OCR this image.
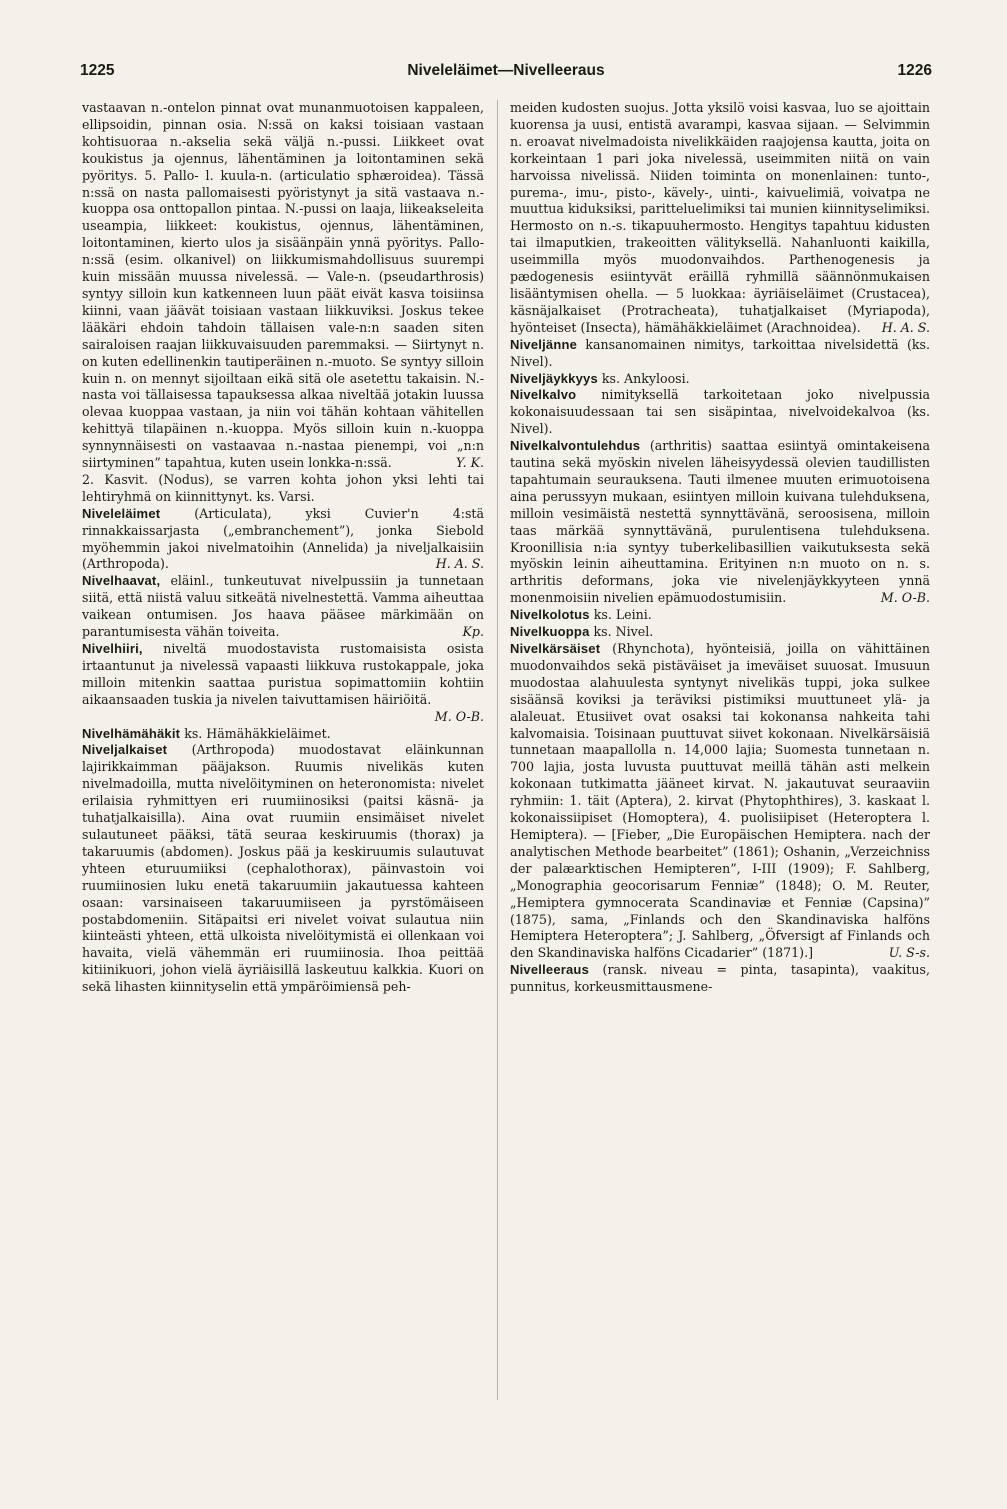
1225	Niveleläimet—Nivelleeraus	1226

vastaavan n.-ontelon pinnat ovat munanmuotoisen kappaleen, ellipsoidin, pinnan osia. N:ssä on kaksi toisiaan vastaan kohtisuoraa n.-akselia sekä väljä n.-pussi. Liikkeet ovat koukistus ja ojennus, lähentäminen ja loitontaminen sekä pyöritys. 5. Pallo- l. kuula-n. (articulatio sphæroidea). Tässä n:ssä on nasta pallomaisesti pyöristynyt ja sitä vastaava n.-kuoppa osa onttopallon pintaa. N.-pussi on laaja, liikeakseleita useampia, liikkeet: koukistus, ojennus, lähentäminen, loitontaminen, kierto ulos ja sisäänpäin ynnä pyöritys. Pallo-n:ssä (esim. olkanivel) on liikkumismahdollisuus suurempi kuin missään muussa nivelessä. — Vale-n. (pseudarthrosis) syntyy silloin kun katkenneen luun päät eivät kasva toisiinsa kiinni, vaan jäävät toisiaan vastaan liikkuviksi. Joskus tekee lääkäri ehdoin tahdoin tällaisen vale-n:n saaden siten sairaloisen raajan liikkuvaisuuden paremmaksi. — Siirtynyt n. on kuten edellinenkin tautiperäinen n.-muoto. Se syntyy silloin kuin n. on mennyt sijoiltaan eikä sitä ole asetettu takaisin. N.-nasta voi tällaisessa tapauksessa alkaa niveltää jotakin luussa olevaa kuoppaa vastaan, ja niin voi tähän kohtaan vähitellen kehittyä tilapäinen n.-kuoppa. Myös silloin kuin n.-kuoppa synnynnäisesti on vastaavaa n.-nastaa pienempi, voi „n:n siirtyminen” tapahtua, kuten usein lonkka-n:ssä.	Y. K.

2. Kasvit. (Nodus), se varren kohta johon yksi lehti tai lehtiryhmä on kiinnittynyt. ks. Varsi.

Niveleläimet	(Articulata), yksi Cuvier'n 4:stä rinnakkaissarjasta („embranchement”), jonka Siebold myöhemmin jakoi nivelmatoihin (Annelida) ja niveljalkaisiin (Arthropoda).	H. A. S.

Nivelhaavat, eläinl., tunkeutuvat nivelpussiin ja tunnetaan siitä, että niistä valuu sitkeätä nivelnestettä. Vamma aiheuttaa vaikean ontumisen. Jos haava pääsee märkimään on parantumisesta vähän toiveita.	Kp.

Nivelhiiri, niveltä muodostavista rustomaisista osista irtaantunut ja nivelessä vapaasti liikkuva rustokappale, joka milloin mitenkin saattaa puristua sopimattomiin kohtiin aikaansaaden tuskia ja nivelen taivuttamisen häiriöitä.
M. O-B.

Nivelhämähäkit ks. Hämähäkkieläimet.

Niveljalkaiset (Arthropoda) muodostavat eläinkunnan lajirikkaimman pääjakson. Ruumis nivelikäs kuten nivelmadoilla, mutta nivelöityminen on heteronomista: nivelet erilaisia ryhmittyen eri ruumiinosiksi (paitsi käsnä- ja tuhatjalkaisilla). Aina ovat ruumiin ensimäiset nivelet sulautuneet pääksi, tätä seuraa keskiruumis (thorax) ja takaruumis (abdomen). Joskus pää ja keskiruumis sulautuvat yhteen eturuumiiksi (cephalothorax), päinvastoin voi ruumiinosien luku enetä takaruumiin jakautuessa kahteen osaan: varsinaiseen takaruumiiseen ja pyrstömäiseen postabdomeniin. Sitäpaitsi eri nivelet voivat sulautua niin kiinteästi yhteen, että ulkoista nivelöitymistä ei ollenkaan voi havaita, vielä vähemmän eri ruumiinosia. Ihoa peittää kitiinikuori, johon vielä äyriäisillä laskeutuu kalkkia. Kuori on sekä lihasten kiinnityselin että ympäröimiensä peh-

meiden kudosten suojus. Jotta yksilö voisi kasvaa, luo se ajoittain kuorensa ja uusi, entistä avarampi, kasvaa sijaan. — Selvimmin n. eroavat nivelmadoista nivelikkäiden raajojensa kautta, joita on korkeintaan 1 pari joka nivelessä, useimmiten niitä on vain harvoissa nivelissä. Niiden toiminta on monenlainen: tunto-, purema-, imu-, pisto-, kävely-, uinti-, kaivuelimiä, voivatpa ne muuttua kiduksiksi, paritteluelimiksi tai munien kiinnityselimiksi. Hermosto on n.-s. tikapuuhermosto. Hengitys tapahtuu kidusten tai ilmaputkien, trakeoitten välityksellä. Nahanluonti kaikilla, useimmilla myös muodonvaihdos. Parthenogenesis ja pædogenesis esiintyvät eräillä ryhmillä säännönmukaisen lisääntymisen ohella. — 5 luokkaa: äyriäiseläimet (Crustacea), käsnäjalkaiset (Protracheata), tuhatjalkaiset (Myriapoda), hyönteiset (Insecta), hämähäkkieläimet (Arachnoidea).	H. A. S.

Niveljänne kansanomainen nimitys, tarkoittaa nivelsidettä (ks. Nivel).

Niveljäykkyys ks. Ankyloosi.

Nivelkalvo nimityksellä tarkoitetaan joko nivelpussia kokonaisuudessaan tai sen sisäpintaa, nivelvoidekalvoa (ks. Nivel).

Nivelkalvontulehdus (arthritis) saattaa esiintyä omintakeisena tautina sekä myöskin nivelen läheisyydessä olevien taudillisten tapahtumain seurauksena. Tauti ilmenee muuten erimuotoisena aina perussyyn mukaan, esiintyen milloin kuivana tulehduksena, milloin vesimäistä nestettä synnyttävänä, seroosisena, milloin taas märkää synnyttävänä, purulentisena tulehduksena. Kroonillisia n:ia syntyy tuberkelibasillien vaikutuksesta sekä myöskin leinin aiheuttamina. Erityinen n:n muoto on n. s. arthritis deformans, joka vie nivelenjäykkyyteen ynnä monenmoisiin nivelien epämuodostumisiin.	M. O-B.

Nivelkolotus ks. Leini.

Nivelkuoppa ks. Nivel.

Nivelkärsäiset (Rhynchota), hyönteisiä, joilla on vähittäinen muodonvaihdos sekä pistäväiset ja imeväiset suuosat. Imusuun muodostaa alahuulesta syntynyt nivelikäs tuppi, joka sulkee sisäänsä koviksi ja teräviksi pistimiksi muuttuneet ylä- ja alaleuat. Etusiivet ovat osaksi tai kokonansa nahkeita tahi kalvomaisia. Toisinaan puuttuvat siivet kokonaan. Nivelkärsäisiä tunnetaan maapallolla n. 14,000 lajia; Suomesta tunnetaan n. 700 lajia, josta luvusta puuttuvat meillä tähän asti melkein kokonaan tutkimatta jääneet kirvat. N. jakautuvat seuraaviin ryhmiin: 1. täit (Aptera), 2. kirvat (Phytophthires), 3. kaskaat l. kokonaissiipiset (Homoptera), 4. puolisiipiset (Heteroptera l. Hemiptera). — [Fieber, „Die Europäischen Hemiptera. nach der analytischen Methode bearbeitet” (1861); Oshanin, „Verzeichniss der palæarktischen Hemipteren”, I-III (1909); F. Sahlberg, „Monographia geocorisarum Fenniæ” (1848); O. M. Reuter, „Hemiptera gymnocerata Scandinaviæ et Fenniæ (Capsina)” (1875), sama, „Finlands och den Skandinaviska halföns Hemiptera Heteroptera”; J. Sahlberg, „Öfversigt af Finlands och den Skandinaviska halföns Cicadarier” (1871).]	U. S-s.

Nivelleeraus (ransk. niveau = pinta, tasapinta), vaakitus, punnitus, korkeusmittausmene-
